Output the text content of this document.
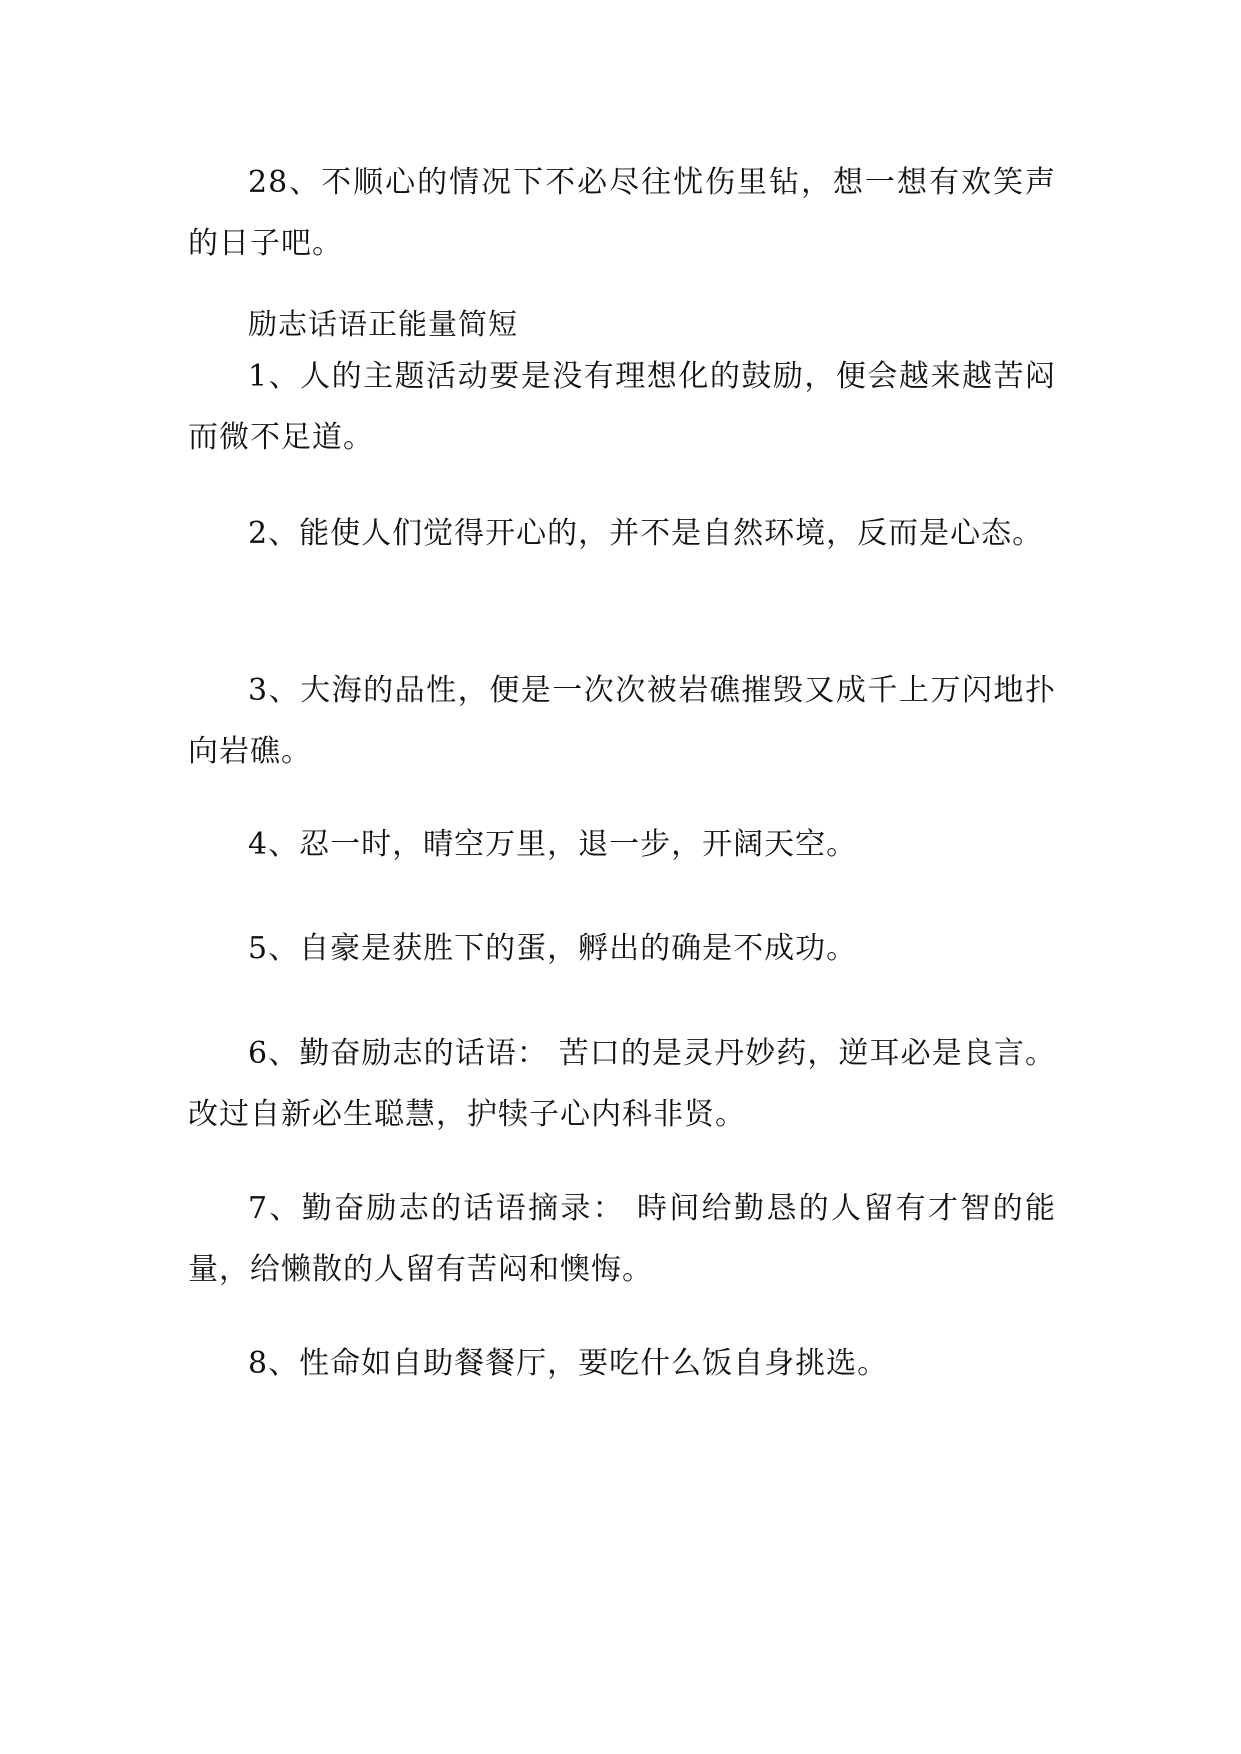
28、不顺心的情况下不必尽往忧伤里钻，想一想有欢笑声的日子吧。

励志话语正能量简短

1、人的主题活动要是没有理想化的鼓励，便会越来越苦闷而微不足道。

2、能使人们觉得开心的，并不是自然环境，反而是心态。

3、大海的品性，便是一次次被岩礁摧毁又成千上万闪地扑向岩礁。

4、忍一时，晴空万里，退一步，开阔天空。

5、自豪是获胜下的蛋，孵出的确是不成功。

6、勤奋励志的话语： 苦口的是灵丹妙药，逆耳必是良言。改过自新必生聪慧，护犊子心内科非贤。

7、勤奋励志的话语摘录： 時间给勤恳的人留有才智的能量，给懒散的人留有苦闷和懊悔。

8、性命如自助餐餐厅，要吃什么饭自身挑选。
